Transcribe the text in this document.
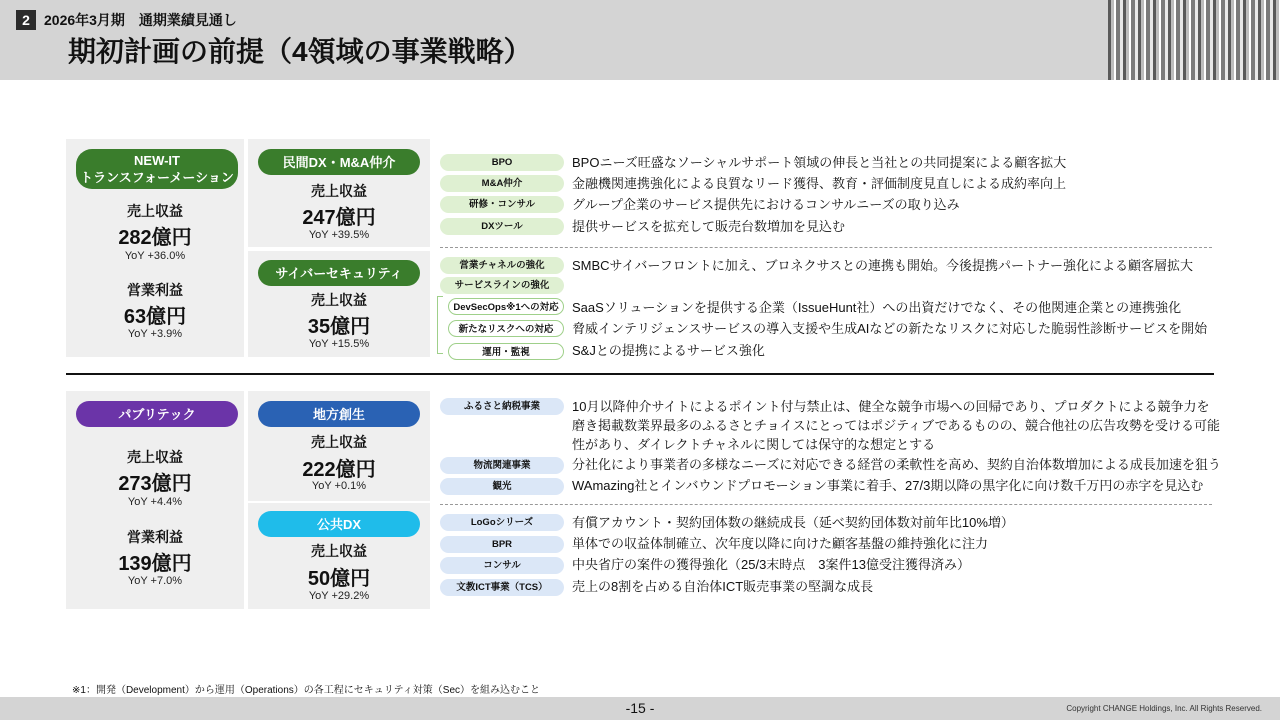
2	2026年3月期　通期業績見通し
期初計画の前提（4領域の事業戦略）
NEW-IT
トランスフォーメーション
売上収益
282億円
YoY +36.0%
営業利益
63億円
YoY +3.9%
民間DX・M&A仲介
売上収益
247億円
YoY +39.5%
サイバーセキュリティ
売上収益
35億円
YoY +15.5%
BPO	BPOニーズ旺盛なソーシャルサポート領域の伸長と当社との共同提案による顧客拡大
M&A仲介	金融機関連携強化による良質なリード獲得、教育・評価制度見直しによる成約率向上
研修・コンサル	グループ企業のサービス提供先におけるコンサルニーズの取り込み
DXツール	提供サービスを拡充して販売台数増加を見込む
営業チャネルの強化	SMBCサイバーフロントに加え、ブロネクサスとの連携も開始。今後提携パートナー強化による顧客層拡大
サービスラインの強化
DevSecOps※1への対応	SaaSソリューションを提供する企業（IssueHunt社）への出資だけでなく、その他関連企業との連携強化
新たなリスクへの対応	脅威インテリジェンスサービスの導入支援や生成AIなどの新たなリスクに対応した脆弱性診断サービスを開始
運用・監視	S&Jとの提携によるサービス強化
パブリテック
売上収益
273億円
YoY +4.4%
営業利益
139億円
YoY +7.0%
地方創生
売上収益
222億円
YoY +0.1%
公共DX
売上収益
50億円
YoY +29.2%
ふるさと納税事業	10月以降仲介サイトによるポイント付与禁止は、健全な競争市場への回帰であり、プロダクトによる競争力を磨き掲載数業界最多のふるさとチョイスにとってはポジティブであるものの、競合他社の広告攻勢を受ける可能性があり、ダイレクトチャネルに関しては保守的な想定とする
物流関連事業	分社化により事業者の多様なニーズに対応できる経営の柔軟性を高め、契約自治体数増加による成長加速を狙う
観光	WAmazing社とインバウンドプロモーション事業に着手、27/3期以降の黒字化に向け数千万円の赤字を見込む
LoGoシリーズ	有償アカウント・契約団体数の継続成長（延べ契約団体数対前年比10%増）
BPR	単体での収益体制確立、次年度以降に向けた顧客基盤の維持強化に注力
コンサル	中央省庁の案件の獲得強化（25/3末時点　3案件13億受注獲得済み）
文教ICT事業（TCS）	売上の8割を占める自治体ICT販売事業の堅調な成長
※1：開発（Development）から運用（Operations）の各工程にセキュリティ対策（Sec）を組み込むこと
-15 -	Copyright CHANGE Holdings, Inc. All Rights Reserved.
